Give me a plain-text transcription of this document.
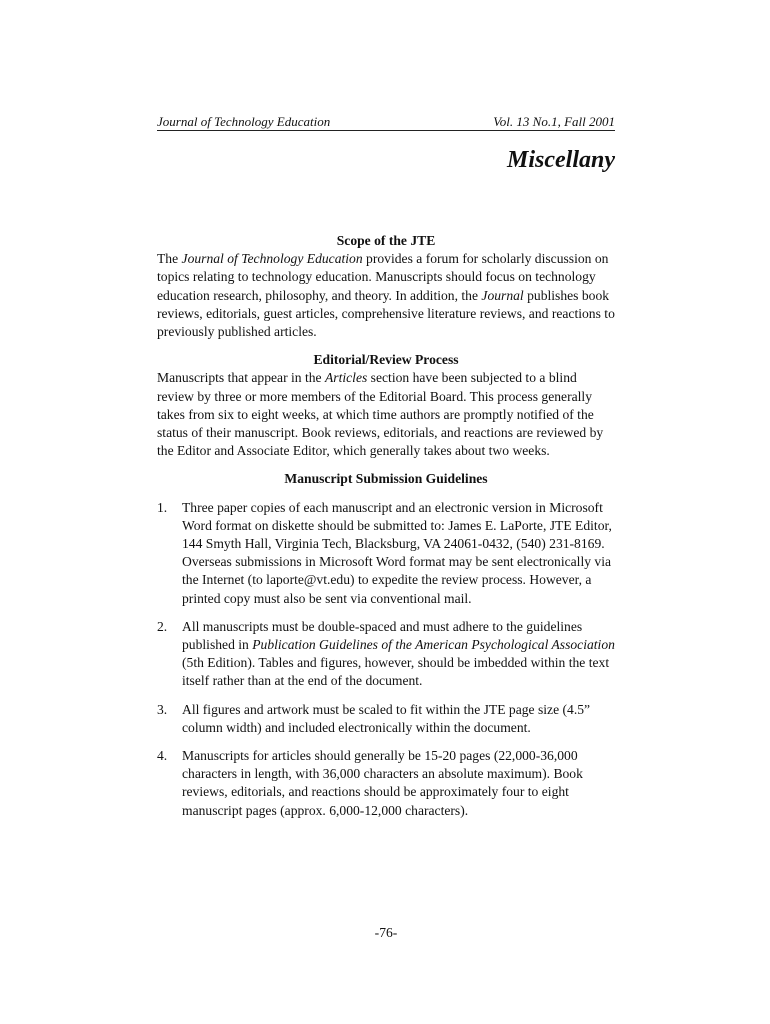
Journal of Technology Education	Vol. 13 No.1, Fall 2001
Miscellany

Scope of the JTE

The Journal of Technology Education provides a forum for scholarly discussion on topics relating to technology education. Manuscripts should focus on technology education research, philosophy, and theory. In addition, the Journal publishes book reviews, editorials, guest articles, comprehensive literature reviews, and reactions to previously published articles.

Editorial/Review Process

Manuscripts that appear in the Articles section have been subjected to a blind review by three or more members of the Editorial Board. This process generally takes from six to eight weeks, at which time authors are promptly notified of the status of their manuscript. Book reviews, editorials, and reactions are reviewed by the Editor and Associate Editor, which generally takes about two weeks.

Manuscript Submission Guidelines

1. Three paper copies of each manuscript and an electronic version in Microsoft Word format on diskette should be submitted to: James E. LaPorte, JTE Editor, 144 Smyth Hall, Virginia Tech, Blacksburg, VA 24061-0432, (540) 231-8169. Overseas submissions in Microsoft Word format may be sent electronically via the Internet (to laporte@vt.edu) to expedite the review process. However, a printed copy must also be sent via conventional mail.
2. All manuscripts must be double-spaced and must adhere to the guidelines published in Publication Guidelines of the American Psychological Association (5th Edition). Tables and figures, however, should be imbedded within the text itself rather than at the end of the document.
3. All figures and artwork must be scaled to fit within the JTE page size (4.5” column width) and included electronically within the document.
4. Manuscripts for articles should generally be 15-20 pages (22,000-36,000 characters in length, with 36,000 characters an absolute maximum). Book reviews, editorials, and reactions should be approximately four to eight manuscript pages (approx. 6,000-12,000 characters).
-76-
